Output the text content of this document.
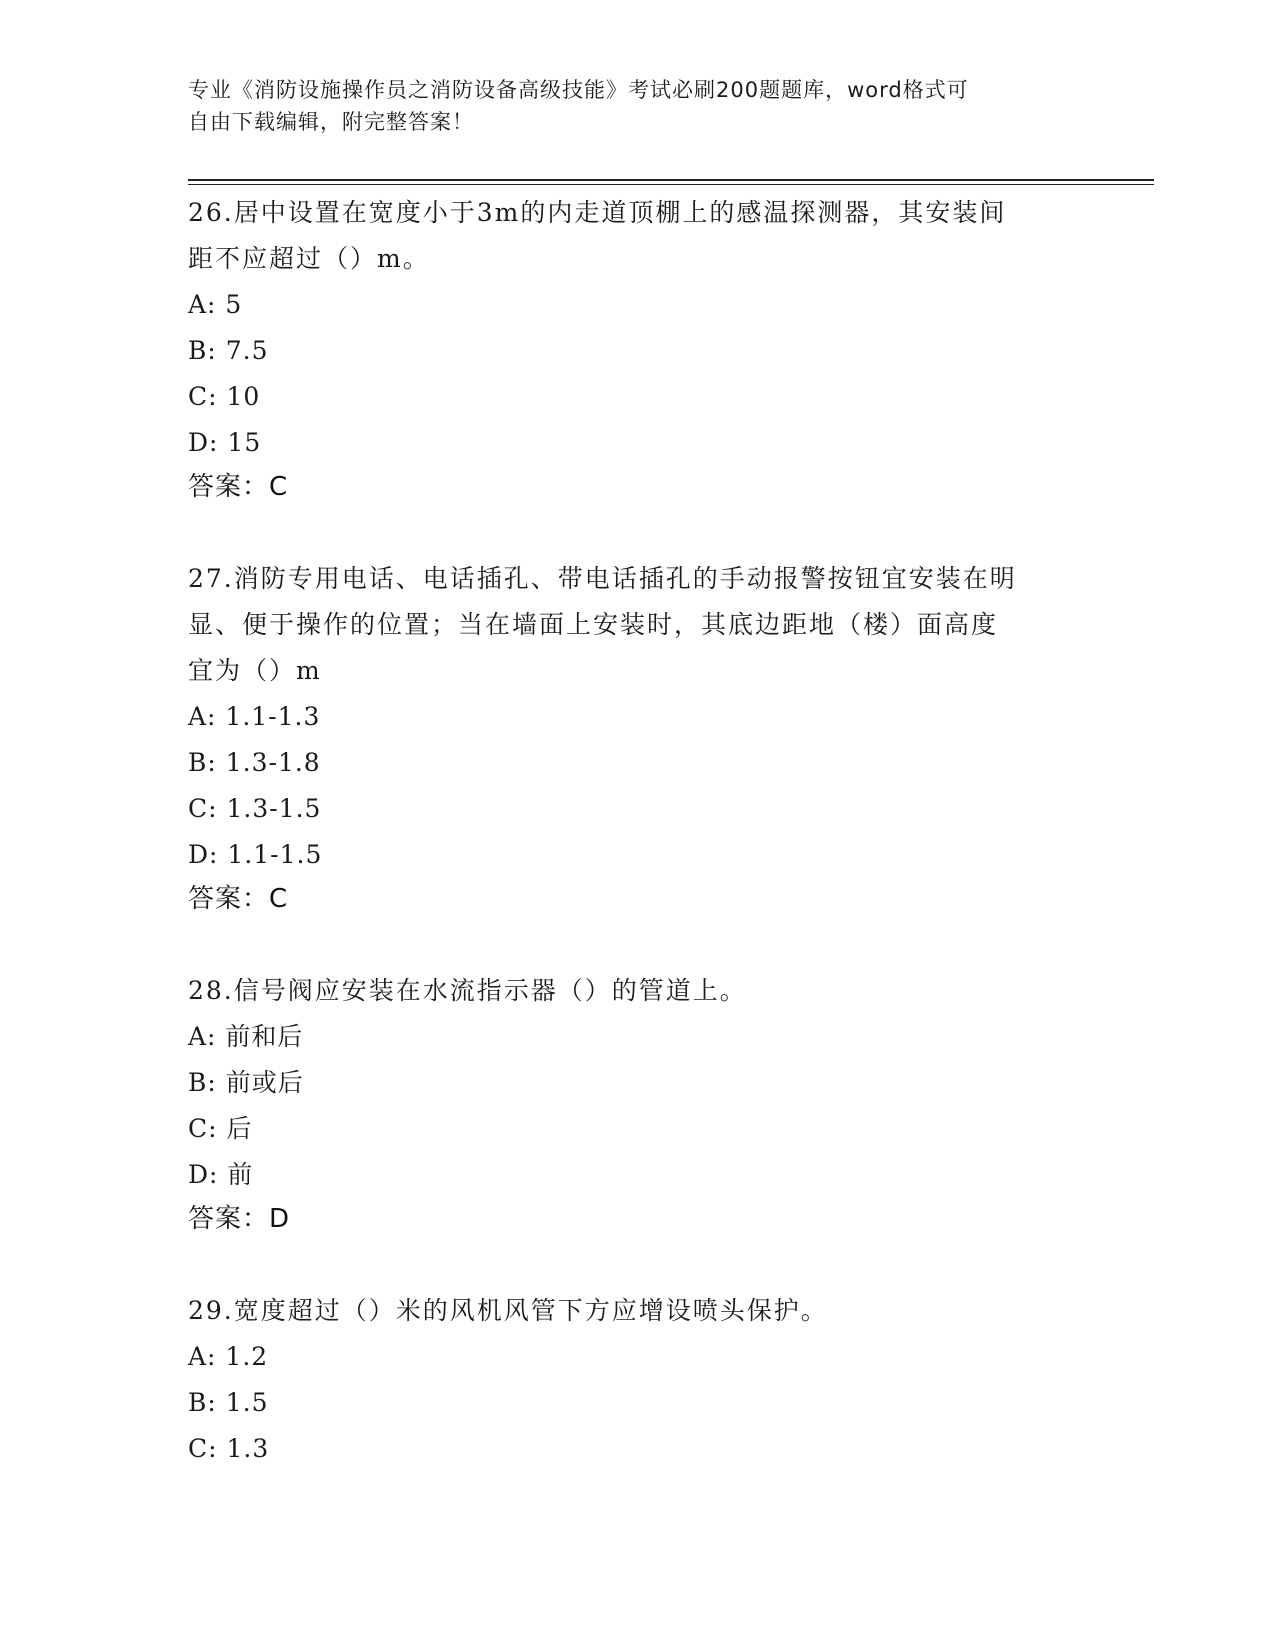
专业《消防设施操作员之消防设备高级技能》考试必刷200题题库，word格式可
自由下载编辑，附完整答案！
26.居中设置在宽度小于3m的内走道顶棚上的感温探测器，其安装间
距不应超过（）m。
A: 5
B: 7.5
C: 10
D: 15
答案：C
27.消防专用电话、电话插孔、带电话插孔的手动报警按钮宜安装在明
显、便于操作的位置；当在墙面上安装时，其底边距地（楼）面高度
宜为（）m
A: 1.1-1.3
B: 1.3-1.8
C: 1.3-1.5
D: 1.1-1.5
答案：C
28.信号阀应安装在水流指示器（）的管道上。
A: 前和后
B: 前或后
C: 后
D: 前
答案：D
29.宽度超过（）米的风机风管下方应增设喷头保护。
A: 1.2
B: 1.5
C: 1.3
